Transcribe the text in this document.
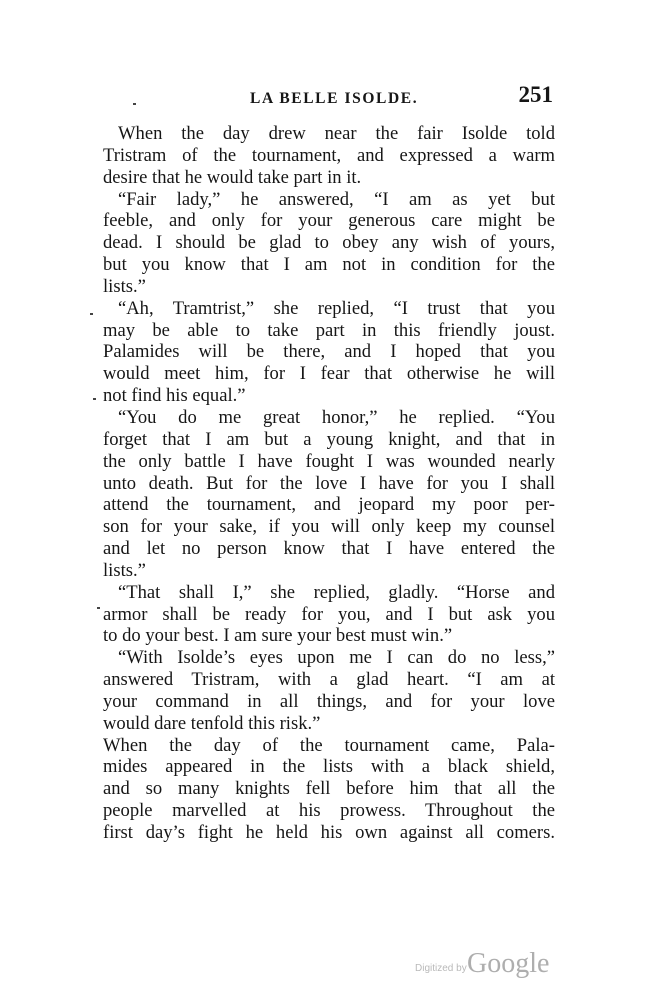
LA BELLE ISOLDE.	251
When the day drew near the fair Isolde told
Tristram of the tournament, and expressed a warm
desire that he would take part in it.
“Fair lady,” he answered, “I am as yet but
feeble, and only for your generous care might be
dead. I should be glad to obey any wish of yours,
but you know that I am not in condition for the
lists.”
“Ah, Tramtrist,” she replied, “I trust that you
may be able to take part in this friendly joust.
Palamides will be there, and I hoped that you
would meet him, for I fear that otherwise he will
not find his equal.”
“You do me great honor,” he replied. “You
forget that I am but a young knight, and that in
the only battle I have fought I was wounded nearly
unto death. But for the love I have for you I shall
attend the tournament, and jeopard my poor per-
son for your sake, if you will only keep my counsel
and let no person know that I have entered the
lists.”
“That shall I,” she replied, gladly. “Horse and
armor shall be ready for you, and I but ask you
to do your best. I am sure your best must win.”
“With Isolde’s eyes upon me I can do no less,”
answered Tristram, with a glad heart. “I am at
your command in all things, and for your love
would dare tenfold this risk.”
When the day of the tournament came, Pala-
mides appeared in the lists with a black shield,
and so many knights fell before him that all the
people marvelled at his prowess. Throughout the
first day’s fight he held his own against all comers.
Digitized by Google
